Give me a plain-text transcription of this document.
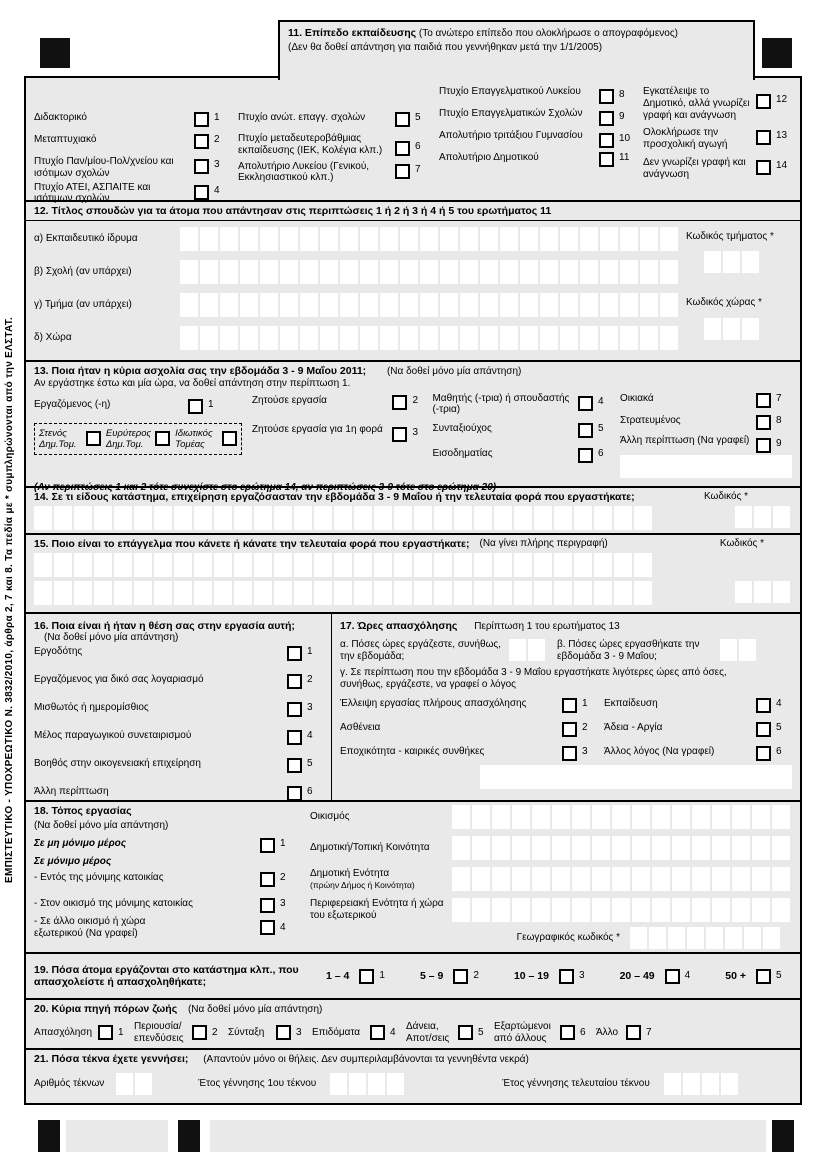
ΕΜΠΙΣΤΕΥΤΙΚΟ - ΥΠΟΧΡΕΩΤΙΚΟ Ν. 3832/2010, άρθρα 2, 7 και 8. Τα πεδία με * συμπληρώνονται από την ΕΛΣΤΑΤ.
11. Επίπεδο εκπαίδευσης (Το ανώτερο επίπεδο που ολοκλήρωσε ο απογραφόμενος)
(Δεν θα δοθεί απάντηση για παιδιά που γεννήθηκαν μετά την 1/1/2005)
Διδακτορικό	1
Μεταπτυχιακό	2
Πτυχίο Παν/μίου-Πολ/χνείου και ισότιμων σχολών
3
Πτυχίο ΑΤΕΙ, ΑΣΠΑΙΤΕ και ισότιμων σχολών
4
Πτυχίο ανώτ. επαγγ. σχολών	5
Πτυχίο μεταδευτεροβάθμιας εκπαίδευσης (ΙΕΚ, Κολέγια κλπ.)	6
Απολυτήριο Λυκείου (Γενικού, Εκκλησιαστικού κλπ.)
7
Πτυχίο Επαγγελματικού Λυκείου	8
Πτυχίο Επαγγελματικών Σχολών	9
Απολυτήριο τριτάξιου Γυμνασίου	10
Απολυτήριο Δημοτικού	11
Εγκατέλειψε το Δημοτικό, αλλά γνωρίζει γραφή και ανάγνωση
12
Ολοκλήρωσε την προσχολική αγωγή
13
Δεν γνωρίζει γραφή και ανάγνωση
14
12. Τίτλος σπουδών για τα άτομα που απάντησαν στις περιπτώσεις 1 ή 2 ή 3 ή 4 ή 5 του ερωτήματος 11
α) Εκπαιδευτικό ίδρυμα
β) Σχολή (αν υπάρχει)
γ) Τμήμα (αν υπάρχει)
δ) Χώρα
Κωδικός τμήματος *
Κωδικός χώρας *
13. Ποια ήταν η κύρια ασχολία σας την εβδομάδα 3 - 9 Μαΐου 2011; (Να δοθεί μόνο μία απάντηση)
Αν εργάστηκε έστω και μία ώρα, να δοθεί απάντηση στην περίπτωση 1.
Εργαζόμενος (-η)	1
Στενός Δημ.Τομ.
Ευρύτερος Δημ.Τομ.
Ιδιωτικός Τομέας
Ζητούσε εργασία	2
Ζητούσε εργασία για 1η φορά	3
Μαθητής (-τρια) ή σπουδαστής (-τρια)
4
Συνταξιούχος	5
Εισοδηματίας	6
Οικιακά	7
Στρατευμένος	8
Άλλη περίπτωση (Να γραφεί)	9
(Αν περιπτώσεις 1 και 2 τότε συνεχίστε στο ερώτημα 14, αν περιπτώσεις 3-9 τότε στο ερώτημα 20)
14. Σε τι είδους κατάστημα, επιχείρηση εργαζόσασταν την εβδομάδα 3 - 9 Μαΐου ή την τελευταία φορά που εργαστήκατε;	Κωδικός *
15. Ποιο είναι το επάγγελμα που κάνετε ή κάνατε την τελευταία φορά που εργαστήκατε; (Να γίνει πλήρης περιγραφή)	Κωδικός *
16. Ποια είναι ή ήταν η θέση σας στην εργασία αυτή;
(Να δοθεί μόνο μία απάντηση)
Εργοδότης	1
Εργαζόμενος για δικό σας λογαριασμό	2
Μισθωτός ή ημερομίσθιος	3
Μέλος παραγωγικού συνεταιρισμού	4
Βοηθός στην οικογενειακή επιχείρηση	5
Άλλη περίπτωση	6
17. Ώρες απασχόλησης Περίπτωση 1 του ερωτήματος 13
α. Πόσες ώρες εργάζεστε, συνήθως, την εβδομάδα;
β. Πόσες ώρες εργασθήκατε την εβδομάδα 3 - 9 Μαΐου;
γ. Σε περίπτωση που την εβδομάδα 3 - 9 Μαΐου εργαστήκατε λιγότερες ώρες από όσες, συνήθως, εργάζεστε, να γραφεί ο λόγος
Έλλειψη εργασίας πλήρους απασχόλησης	1	Εκπαίδευση	4
Ασθένεια	2	Άδεια - Αργία	5
Εποχικότητα - καιρικές συνθήκες	3	Άλλος λόγος (Να γραφεί)	6
18. Τόπος εργασίας
(Να δοθεί μόνο μία απάντηση)
Σε μη μόνιμο μέρος	1
Σε μόνιμο μέρος
- Εντός της μόνιμης κατοικίας	2
- Στον οικισμό της μόνιμης κατοικίας	3
- Σε άλλο οικισμό ή χώρα εξωτερικού (Να γραφεί)
4
Οικισμός
Δημοτική/Τοπική Κοινότητα
Δημοτική Ενότητα
(πρώην Δήμος ή Κοινότητα)
Περιφερειακή Ενότητα ή χώρα του εξωτερικού
Γεωγραφικός κωδικός *
19. Πόσα άτομα εργάζονται στο κατάστημα κλπ., που απασχολείστε ή απασχοληθήκατε;
1 – 4	1	5 – 9	2	10 – 19	3	20 – 49	4	50 +	5
20. Κύρια πηγή πόρων ζωής (Να δοθεί μόνο μία απάντηση)
Απασχόληση	1
Περιουσία/ επενδύσεις
2	Σύνταξη	3	Επιδόματα	4
Δάνεια, Αποτ/σεις
5
Εξαρτώμενοι από άλλους
6	Άλλο	7
21. Πόσα τέκνα έχετε γεννήσει; (Απαντούν μόνο οι θήλεις. Δεν συμπεριλαμβάνονται τα γεννηθέντα νεκρά)
Αριθμός τέκνων	Έτος γέννησης 1ου τέκνου	Έτος γέννησης τελευταίου τέκνου
